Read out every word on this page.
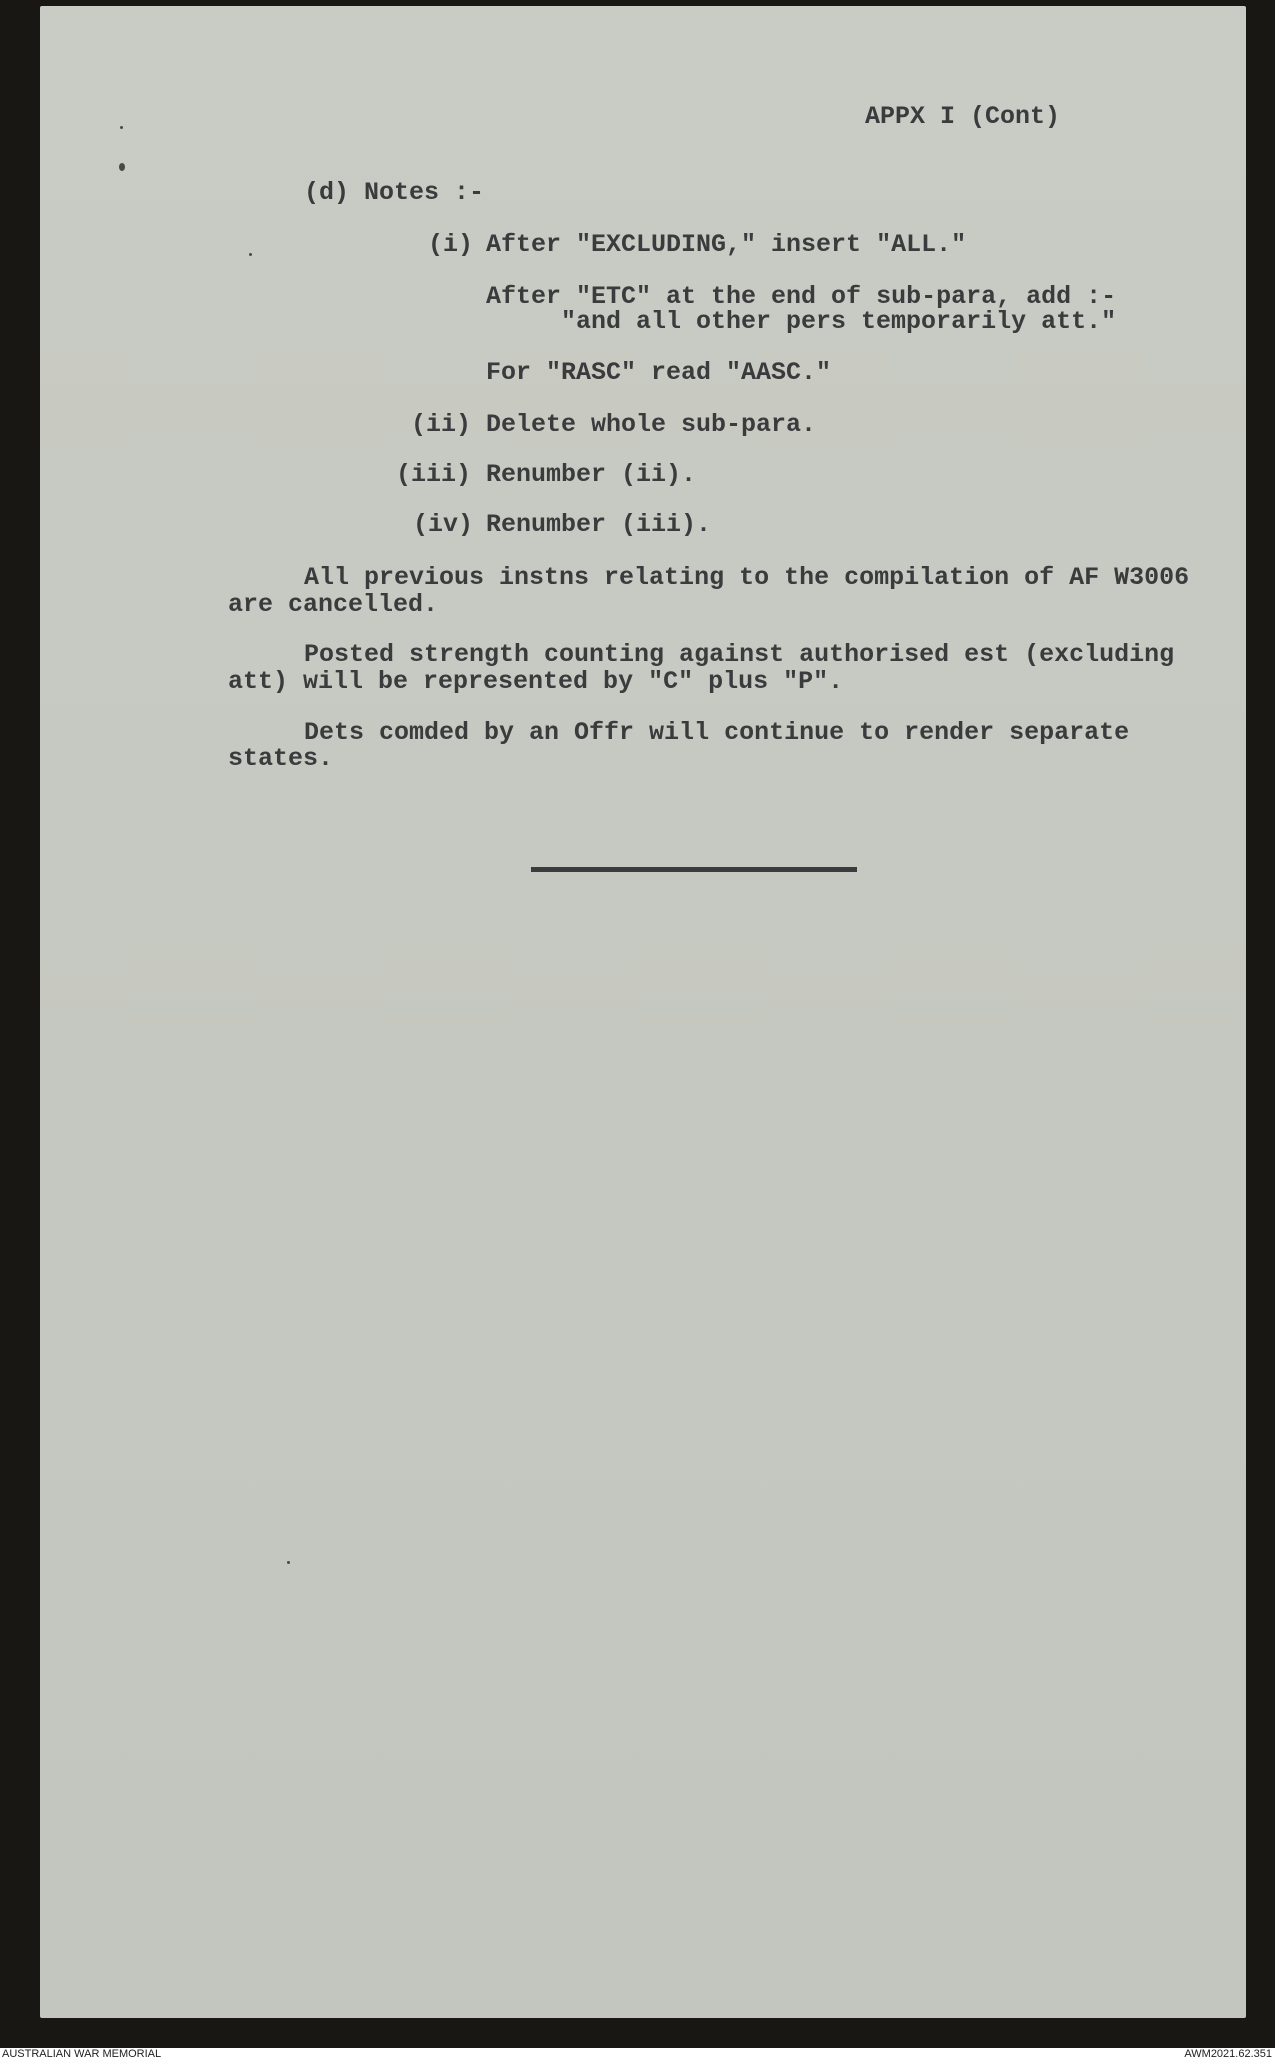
APPX I (Cont)

(d) Notes :-

(i) After "EXCLUDING," insert "ALL."

After "ETC" at the end of sub-para, add :-

"and all other pers temporarily att."

For "RASC" read "AASC."

(ii) Delete whole sub-para.

(iii) Renumber (ii).

(iv) Renumber (iii).

All previous instns relating to the compilation of AF W3006

are cancelled.

Posted strength counting against authorised est (excluding

att) will be represented by "C" plus "P".

Dets comded by an Offr will continue to render separate

states.

AUSTRALIAN WAR MEMORIAL	AWM2021.62.351
